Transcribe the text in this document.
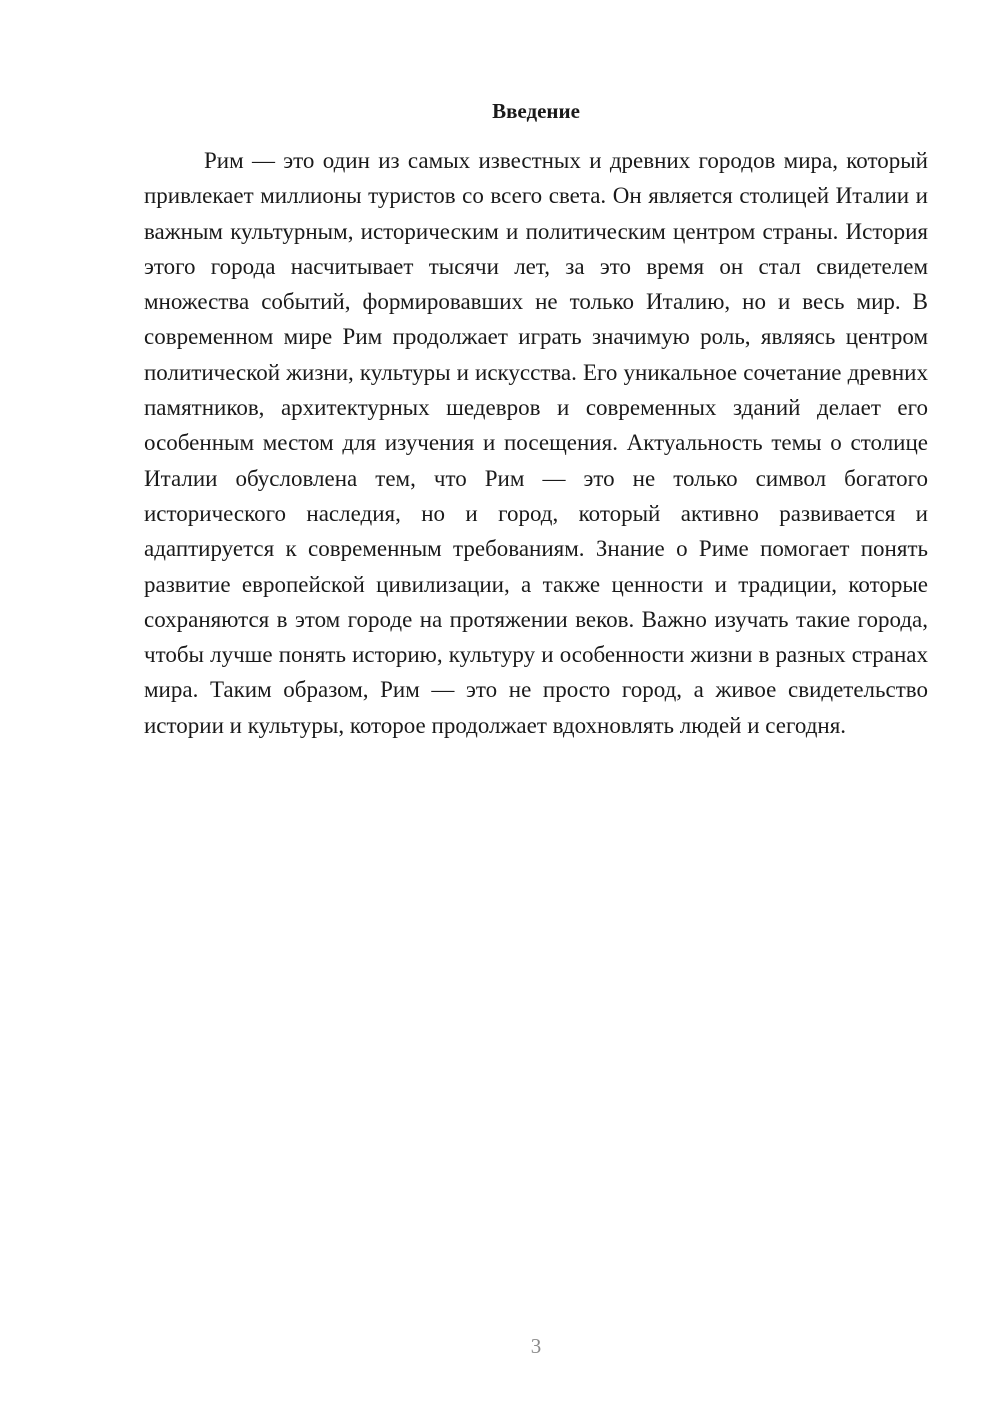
Введение

Рим — это один из самых известных и древних городов мира, который привлекает миллионы туристов со всего света. Он является столицей Италии и важным культурным, историческим и политическим центром страны. История этого города насчитывает тысячи лет, за это время он стал свидетелем множества событий, формировавших не только Италию, но и весь мир. В современном мире Рим продолжает играть значимую роль, являясь центром политической жизни, культуры и искусства. Его уникальное сочетание древних памятников, архитектурных шедевров и современных зданий делает его особенным местом для изучения и посещения. Актуальность темы о столице Италии обусловлена тем, что Рим — это не только символ богатого исторического наследия, но и город, который активно развивается и адаптируется к современным требованиям. Знание о Риме помогает понять развитие европейской цивилизации, а также ценности и традиции, которые сохраняются в этом городе на протяжении веков. Важно изучать такие города, чтобы лучше понять историю, культуру и особенности жизни в разных странах мира. Таким образом, Рим — это не просто город, а живое свидетельство истории и культуры, которое продолжает вдохновлять людей и сегодня.

3
